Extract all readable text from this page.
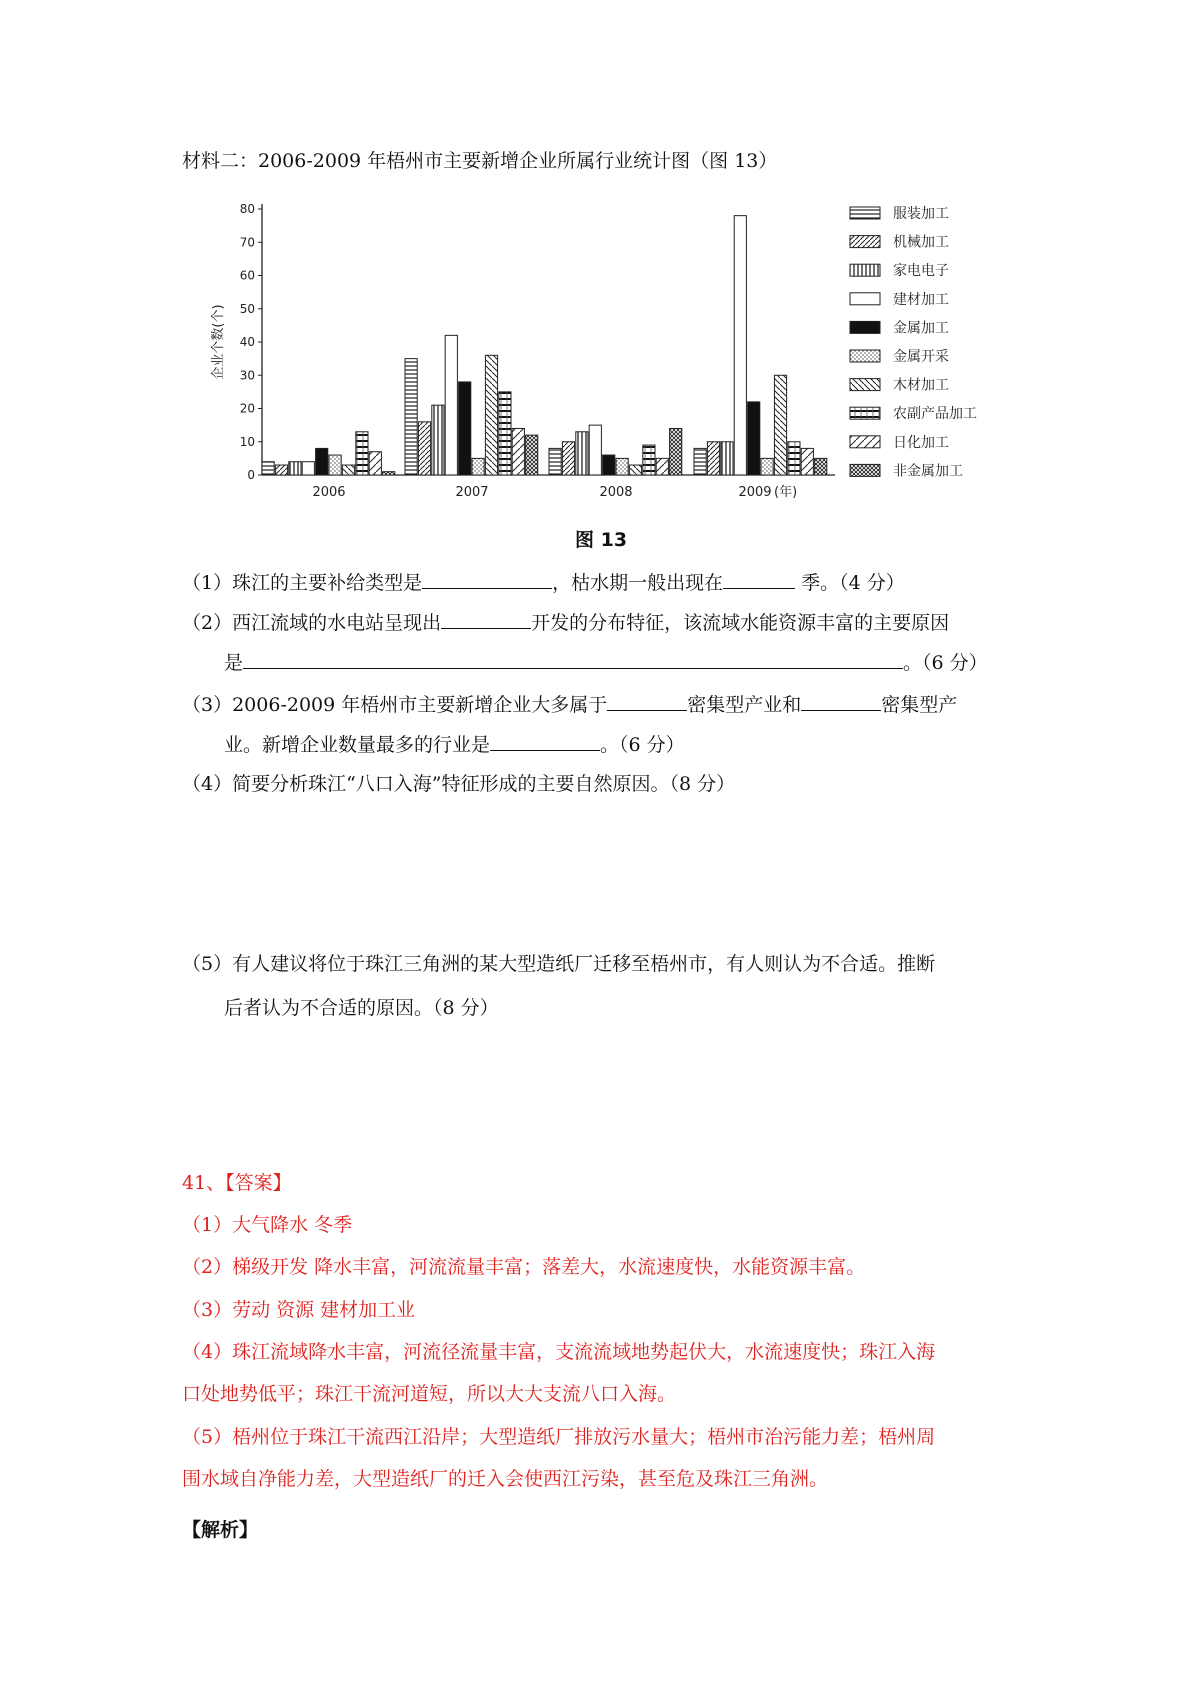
材料二：2006-2009 年梧州市主要新增企业所属行业统计图（图 13）
0
10
20
30
40
50
60
70
80
企业个数(个)
2006	2007	2008	2009 (年)
服装加工
机械加工
家电电子
建材加工
金属加工
金属开采
木材加工
农副产品加工
日化加工
非金属加工
图 13
（1）珠江的主要补给类型是	，枯水期一般出现在	季。（4 分）
（2）西江流域的水电站呈现出	开发的分布特征，该流域水能资源丰富的主要原因
是	。（6 分）
（3）2006-2009 年梧州市主要新增企业大多属于	密集型产业和	密集型产
业。新增企业数量最多的行业是	。（6 分）
（4）简要分析珠江“八口入海”特征形成的主要自然原因。（8 分）
（5）有人建议将位于珠江三角洲的某大型造纸厂迁移至梧州市，有人则认为不合适。推断
后者认为不合适的原因。（8 分）
41、【答案】
（1）大气降水 冬季
（2）梯级开发 降水丰富，河流流量丰富；落差大，水流速度快，水能资源丰富。
（3）劳动 资源 建材加工业
（4）珠江流域降水丰富，河流径流量丰富，支流流域地势起伏大，水流速度快；珠江入海
口处地势低平；珠江干流河道短，所以大大支流八口入海。
（5）梧州位于珠江干流西江沿岸；大型造纸厂排放污水量大；梧州市治污能力差；梧州周
围水域自净能力差，大型造纸厂的迁入会使西江污染，甚至危及珠江三角洲。
【解析】
